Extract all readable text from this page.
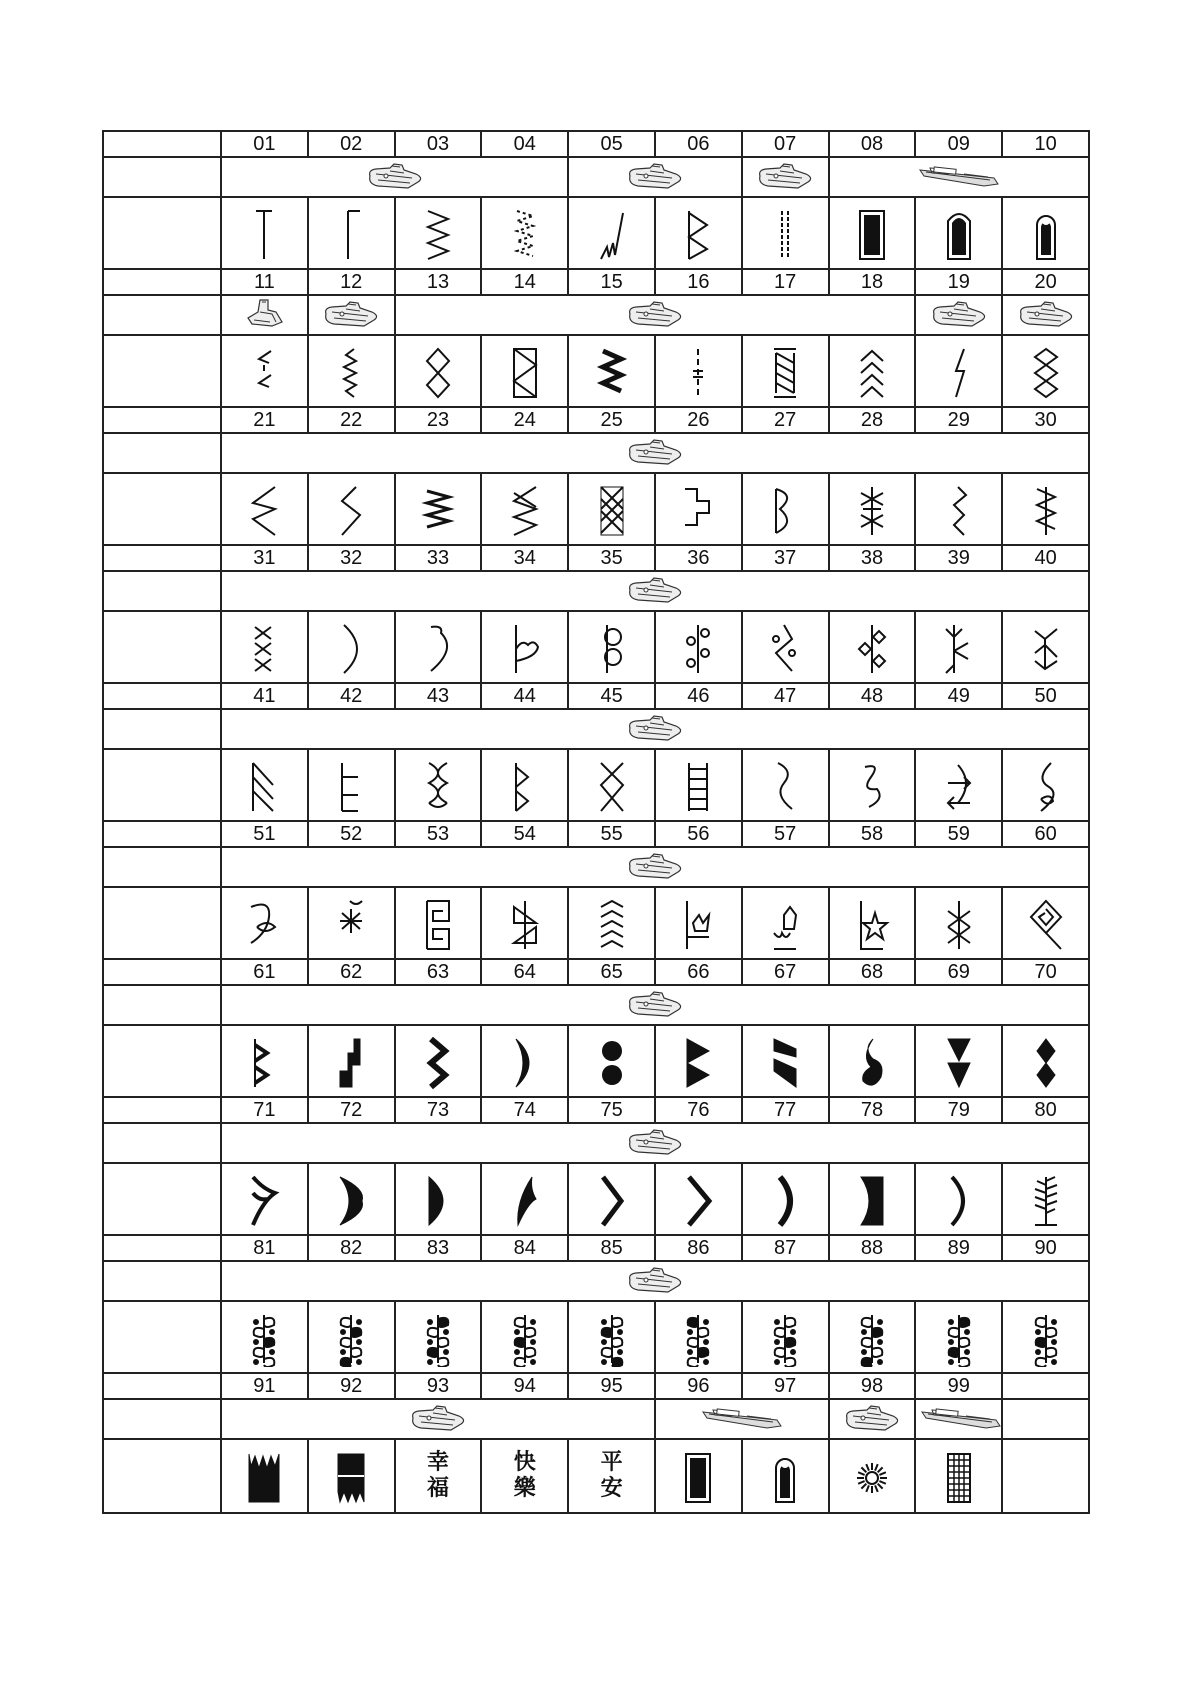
	01	02	03	04	05	06	07	08	09	10

	11	12	13	14	15	16	17	18	19	20

	21	22	23	24	25	26	27	28	29	30

	31	32	33	34	35	36	37	38	39	40

	41	42	43	44	45	46	47	48	49	50

	51	52	53	54	55	56	57	58	59	60

	61	62	63	64	65	66	67	68	69	70

	71	72	73	74	75	76	77	78	79	80

	81	82	83	84	85	86	87	88	89	90

	91	92	93	94	95	96	97	98	99	

幸福	快樂	平安
